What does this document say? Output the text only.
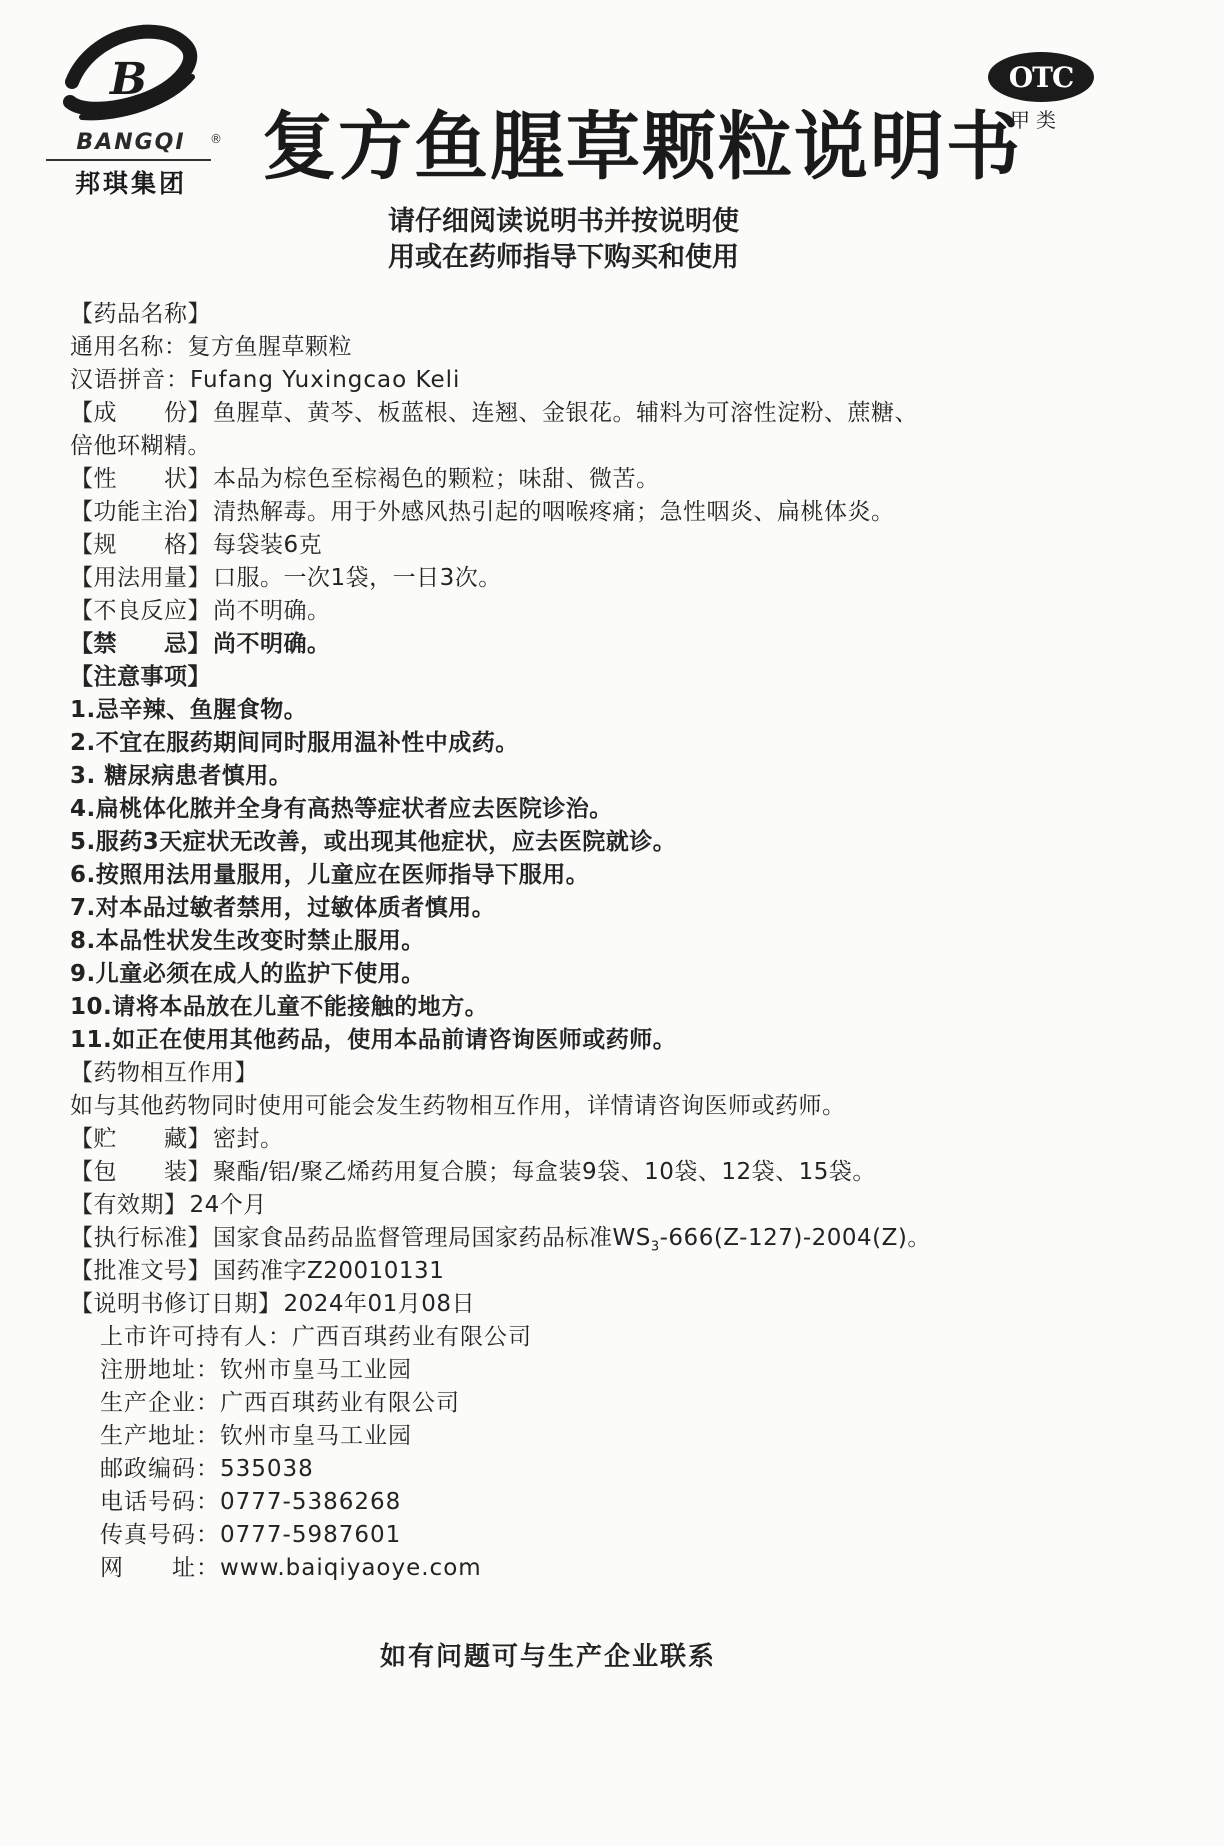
B
®
BANGQI
邦琪集团	复方鱼腥草颗粒说明书
OTC
甲类
请仔细阅读说明书并按说明使
用或在药师指导下购买和使用
【药品名称】
通用名称：复方鱼腥草颗粒
汉语拼音：Fufang Yuxingcao Keli
【成　　份】鱼腥草、黄芩、板蓝根、连翘、金银花。辅料为可溶性淀粉、蔗糖、
倍他环糊精。
【性　　状】本品为棕色至棕褐色的颗粒；味甜、微苦。
【功能主治】清热解毒。用于外感风热引起的咽喉疼痛；急性咽炎、扁桃体炎。
【规　　格】每袋装6克
【用法用量】口服。一次1袋，一日3次。
【不良反应】尚不明确。
【禁　　忌】尚不明确。
【注意事项】
1.忌辛辣、鱼腥食物。
2.不宜在服药期间同时服用温补性中成药。
3. 糖尿病患者慎用。
4.扁桃体化脓并全身有高热等症状者应去医院诊治。
5.服药3天症状无改善，或出现其他症状，应去医院就诊。
6.按照用法用量服用，儿童应在医师指导下服用。
7.对本品过敏者禁用，过敏体质者慎用。
8.本品性状发生改变时禁止服用。
9.儿童必须在成人的监护下使用。
10.请将本品放在儿童不能接触的地方。
11.如正在使用其他药品，使用本品前请咨询医师或药师。
【药物相互作用】
如与其他药物同时使用可能会发生药物相互作用，详情请咨询医师或药师。
【贮　　藏】密封。
【包　　装】聚酯/铝/聚乙烯药用复合膜；每盒装9袋、10袋、12袋、15袋。
【有效期】24个月
【执行标准】国家食品药品监督管理局国家药品标准$WS_3-666(Z-127)-2004(Z)$。
【批准文号】国药准字Z20010131
【说明书修订日期】2024年01月08日
上市许可持有人：广西百琪药业有限公司
注册地址：钦州市皇马工业园
生产企业：广西百琪药业有限公司
生产地址：钦州市皇马工业园
邮政编码：535038
电话号码：0777-5386268
传真号码：0777-5987601
网　　址：www.baiqiyaoye.com
如有问题可与生产企业联系
